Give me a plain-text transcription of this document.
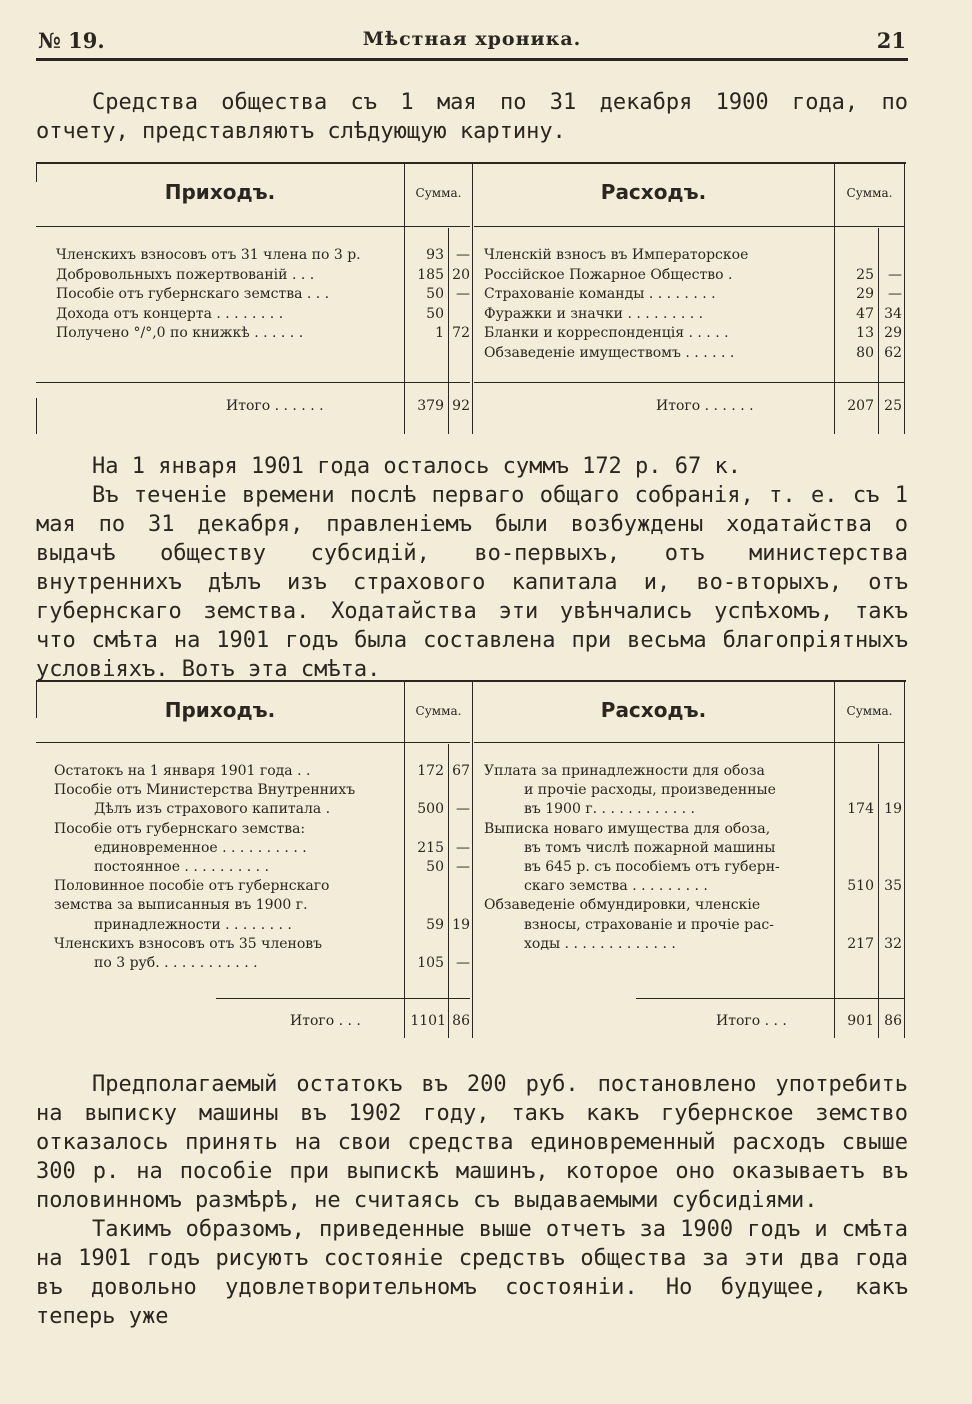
№ 19.	Мѣстная хроника.	21
Средства общества съ 1 мая по 31 декабря 1900 года, по отчету, представляютъ слѣдующую картину.
Приходъ.	Сумма.	Расходъ.	Сумма.
Членскихъ взносовъ отъ 31 члена по 3 р.	93 —
Добровольныхъ пожертвованій . . .	185 20
Пособіе отъ губернскаго земства . . .	50 —
Дохода отъ концерта . . . . . . . .	50
Получено °/°,0 по книжкѣ . . . . . .	1 72
Членскій взносъ въ Императорское
Россійское Пожарное Общество .	25	—
Страхованіе команды . . . . . . . .	29	—
Фуражки и значки . . . . . . . . .	47 34
Бланки и корреспонденція . . . . .	13 29
Обзаведеніе имуществомъ . . . . . .	80 62
Итого . . . . . .	379 92	Итого . . . . . .	207 25
На 1 января 1901 года осталось суммъ 172 р. 67 к.
Въ теченіе времени послѣ перваго общаго собранія, т. е. съ 1 мая по 31 декабря, правленіемъ были возбуждены ходатайства о выдачѣ обществу субсидій, во-первыхъ, отъ министерства внутреннихъ дѣлъ изъ страхового капитала и, во-вторыхъ, отъ губернскаго земства. Ходатайства эти увѣнчались успѣхомъ, такъ что смѣта на 1901 годъ была составлена при весьма благопріятныхъ условіяхъ. Вотъ эта смѣта.
Приходъ.	Сумма.	Расходъ.	Сумма.
Остатокъ на 1 января 1901 года . .	172 67
Пособіе отъ Министерства Внутреннихъ
Дѣлъ изъ страхового капитала .	500 —
Пособіе отъ губернскаго земства:
единовременное . . . . . . . . . .	215 —
постоянное . . . . . . . . . .	50 —
Половинное пособіе отъ губернскаго
земства за выписанныя въ 1900 г.
принадлежности . . . . . . . .	59 19
Членскихъ взносовъ отъ 35 членовъ
по 3 руб. . . . . . . . . . . .	105 —
Уплата за принадлежности для обоза
и прочіе расходы, произведенные
въ 1900 г. . . . . . . . . . . .	174 19
Выписка новаго имущества для обоза,
въ томъ числѣ пожарной машины
въ 645 р. съ пособіемъ отъ губерн-
скаго земства . . . . . . . . .	510 35
Обзаведеніе обмундировки, членскіе
взносы, страхованіе и прочіе рас-
ходы . . . . . . . . . . . . .	217 32
Итого . . .	1101 86	Итого . . .	901 86
Предполагаемый остатокъ въ 200 руб. постановлено употребить на выписку машины въ 1902 году, такъ какъ губернское земство отказалось принять на свои средства единовременный расходъ свыше 300 р. на пособіе при выпискѣ машинъ, которое оно оказываетъ въ половинномъ размѣрѣ, не считаясь съ выдаваемыми субсидіями.
Такимъ образомъ, приведенные выше отчетъ за 1900 годъ и смѣта на 1901 годъ рисуютъ состояніе средствъ общества за эти два года въ довольно удовлетворительномъ состояніи. Но будущее, какъ теперь уже
